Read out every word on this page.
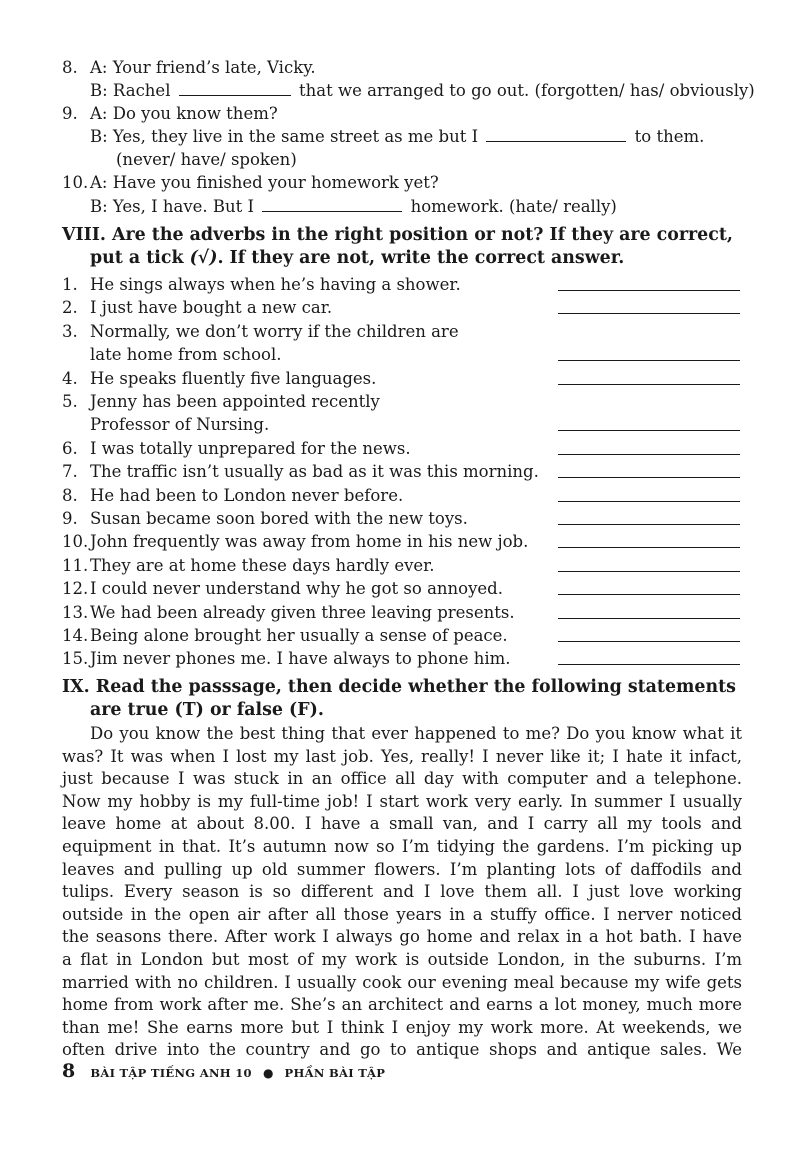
8. A: Your friend’s late, Vicky.
B: Rachel	that we arranged to go out. (forgotten/ has/ obviously)
9. A: Do you know them?
B: Yes, they live in the same street as me but I	to them.
(never/ have/ spoken)
10. A: Have you finished your homework yet?
B: Yes, I have. But I	homework. (hate/ really)
VIII. Are the adverbs in the right position or not? If they are correct,
put a tick (√). If they are not, write the correct answer.
1. He sings always when he’s having a shower.
2. I just have bought a new car.
3. Normally, we don’t worry if the children are
late home from school.
4. He speaks fluently five languages.
5. Jenny has been appointed recently
Professor of Nursing.
6. I was totally unprepared for the news.
7. The traffic isn’t usually as bad as it was this morning.
8. He had been to London never before.
9. Susan became soon bored with the new toys.
10. John frequently was away from home in his new job.
11. They are at home these days hardly ever.
12. I could never understand why he got so annoyed.
13. We had been already given three leaving presents.
14. Being alone brought her usually a sense of peace.
15. Jim never phones me. I have always to phone him.
IX. Read the passsage, then decide whether the following statements
are true (T) or false (F).
Do you know the best thing that ever happened to me? Do you know what it
was? It was when I lost my last job. Yes, really! I never like it; I hate it infact,
just because I was stuck in an office all day with computer and a telephone.
Now my hobby is my full-time job! I start work very early. In summer I usually
leave home at about 8.00. I have a small van, and I carry all my tools and
equipment in that. It’s autumn now so I’m tidying the gardens. I’m picking up
leaves and pulling up old summer flowers. I’m planting lots of daffodils and
tulips. Every season is so different and I love them all. I just love working
outside in the open air after all those years in a stuffy office. I nerver noticed
the seasons there. After work I always go home and relax in a hot bath. I have
a flat in London but most of my work is outside London, in the suburns. I’m
married with no children. I usually cook our evening meal because my wife gets
home from work after me. She’s an architect and earns a lot money, much more
than me! She earns more but I think I enjoy my work more. At weekends, we
often drive into the country and go to antique shops and antique sales. We
8 BÀI TẬP TIẾNG ANH 10 ● PHẦN BÀI TẬP
